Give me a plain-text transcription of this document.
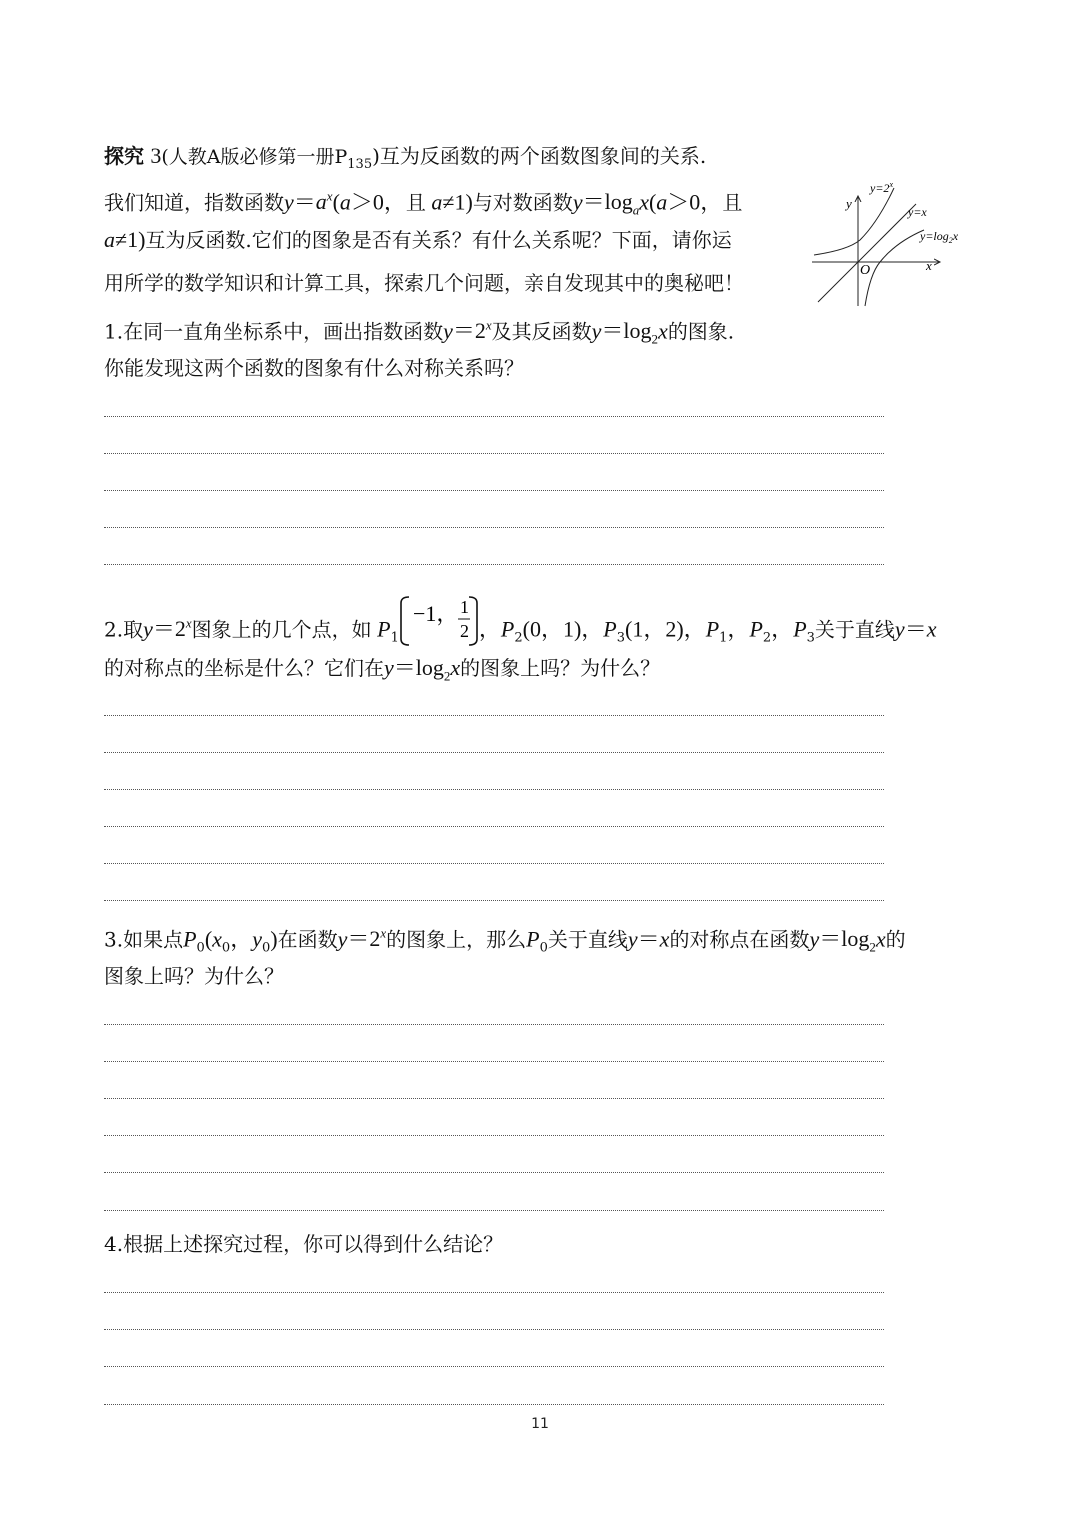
探究 3(人教A版必修第一册$P_{135}$)互为反函数的两个函数图象间的关系.
我们知道，指数函数$y=a^x(a>0$，且 a≠1)与对数函数$y=\log_ax(a>0$，且
a≠1)互为反函数.它们的图象是否有关系？有什么关系呢？下面，请你运
用所学的数学知识和计算工具，探索几个问题，亲自发现其中的奥秘吧！
y
x
O
$y=2^x$
y=x
$y=\log_2x$
1.在同一直角坐标系中，画出指数函数$y=2^x$及其反函数$y=\log_2x$的图象.
你能发现这两个函数的图象有什么对称关系吗？
2.取$y=2^x$图象上的几个点，如 $P_1$
−1， 1
2 ，$P_2(0$，1)，$P_3(1$，2)，$P_1$，$P_2$，$P_3$关于直线y＝x
的对称点的坐标是什么？它们在$y=\log_2x$的图象上吗？为什么？
3.如果点$P_0(x_0$，$y_0$)在函数$y=2^x$的图象上，那么$P_0$关于直线y＝x的对称点在函数$y=\log_2x$的
图象上吗？为什么？
4.根据上述探究过程，你可以得到什么结论？
11
